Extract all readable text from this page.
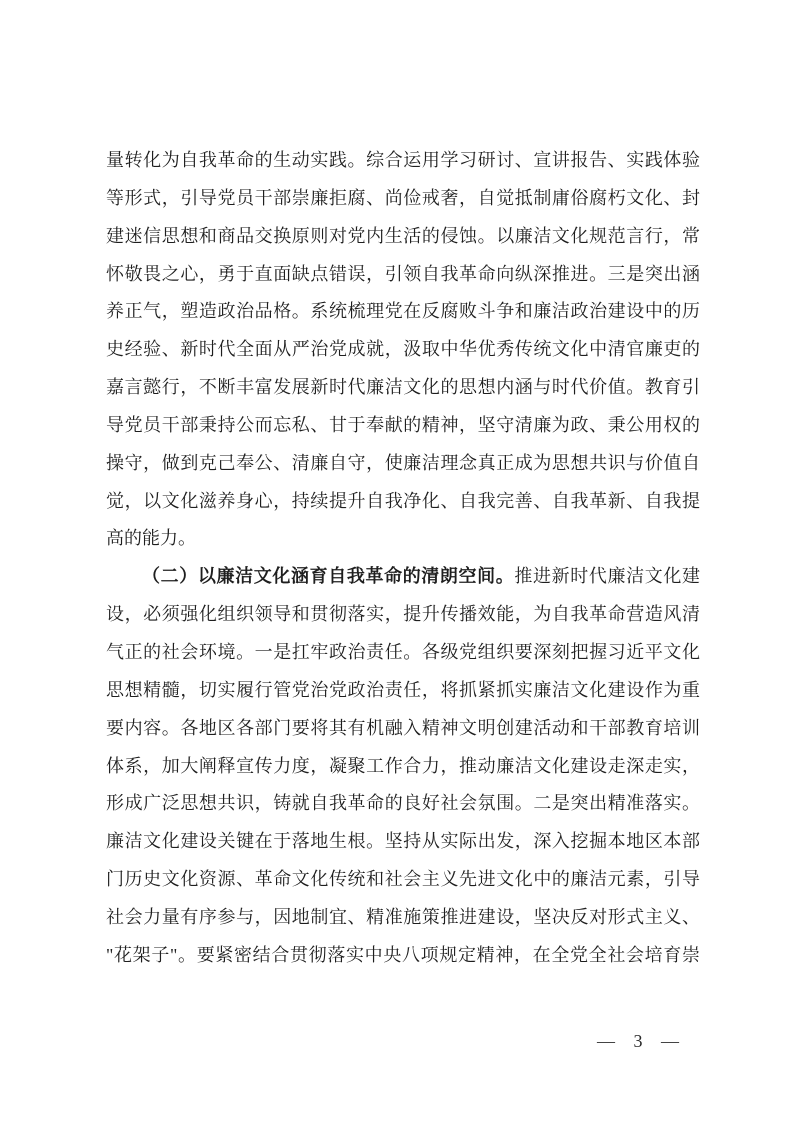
量转化为自我革命的生动实践。综合运用学习研讨、宣讲报告、实践体验
等形式，引导党员干部崇廉拒腐、尚俭戒奢，自觉抵制庸俗腐朽文化、封
建迷信思想和商品交换原则对党内生活的侵蚀。以廉洁文化规范言行，常
怀敬畏之心，勇于直面缺点错误，引领自我革命向纵深推进。三是突出涵
养正气，塑造政治品格。系统梳理党在反腐败斗争和廉洁政治建设中的历
史经验、新时代全面从严治党成就，汲取中华优秀传统文化中清官廉吏的
嘉言懿行，不断丰富发展新时代廉洁文化的思想内涵与时代价值。教育引
导党员干部秉持公而忘私、甘于奉献的精神，坚守清廉为政、秉公用权的
操守，做到克己奉公、清廉自守，使廉洁理念真正成为思想共识与价值自
觉，以文化滋养身心，持续提升自我净化、自我完善、自我革新、自我提
高的能力。
（二）以廉洁文化涵育自我革命的清朗空间。推进新时代廉洁文化建
设，必须强化组织领导和贯彻落实，提升传播效能，为自我革命营造风清
气正的社会环境。一是扛牢政治责任。各级党组织要深刻把握习近平文化
思想精髓，切实履行管党治党政治责任，将抓紧抓实廉洁文化建设作为重
要内容。各地区各部门要将其有机融入精神文明创建活动和干部教育培训
体系，加大阐释宣传力度，凝聚工作合力，推动廉洁文化建设走深走实，
形成广泛思想共识，铸就自我革命的良好社会氛围。二是突出精准落实。
廉洁文化建设关键在于落地生根。坚持从实际出发，深入挖掘本地区本部
门历史文化资源、革命文化传统和社会主义先进文化中的廉洁元素，引导
社会力量有序参与，因地制宜、精准施策推进建设，坚决反对形式主义、
"花架子"。要紧密结合贯彻落实中央八项规定精神，在全党全社会培育崇
— 3 —
